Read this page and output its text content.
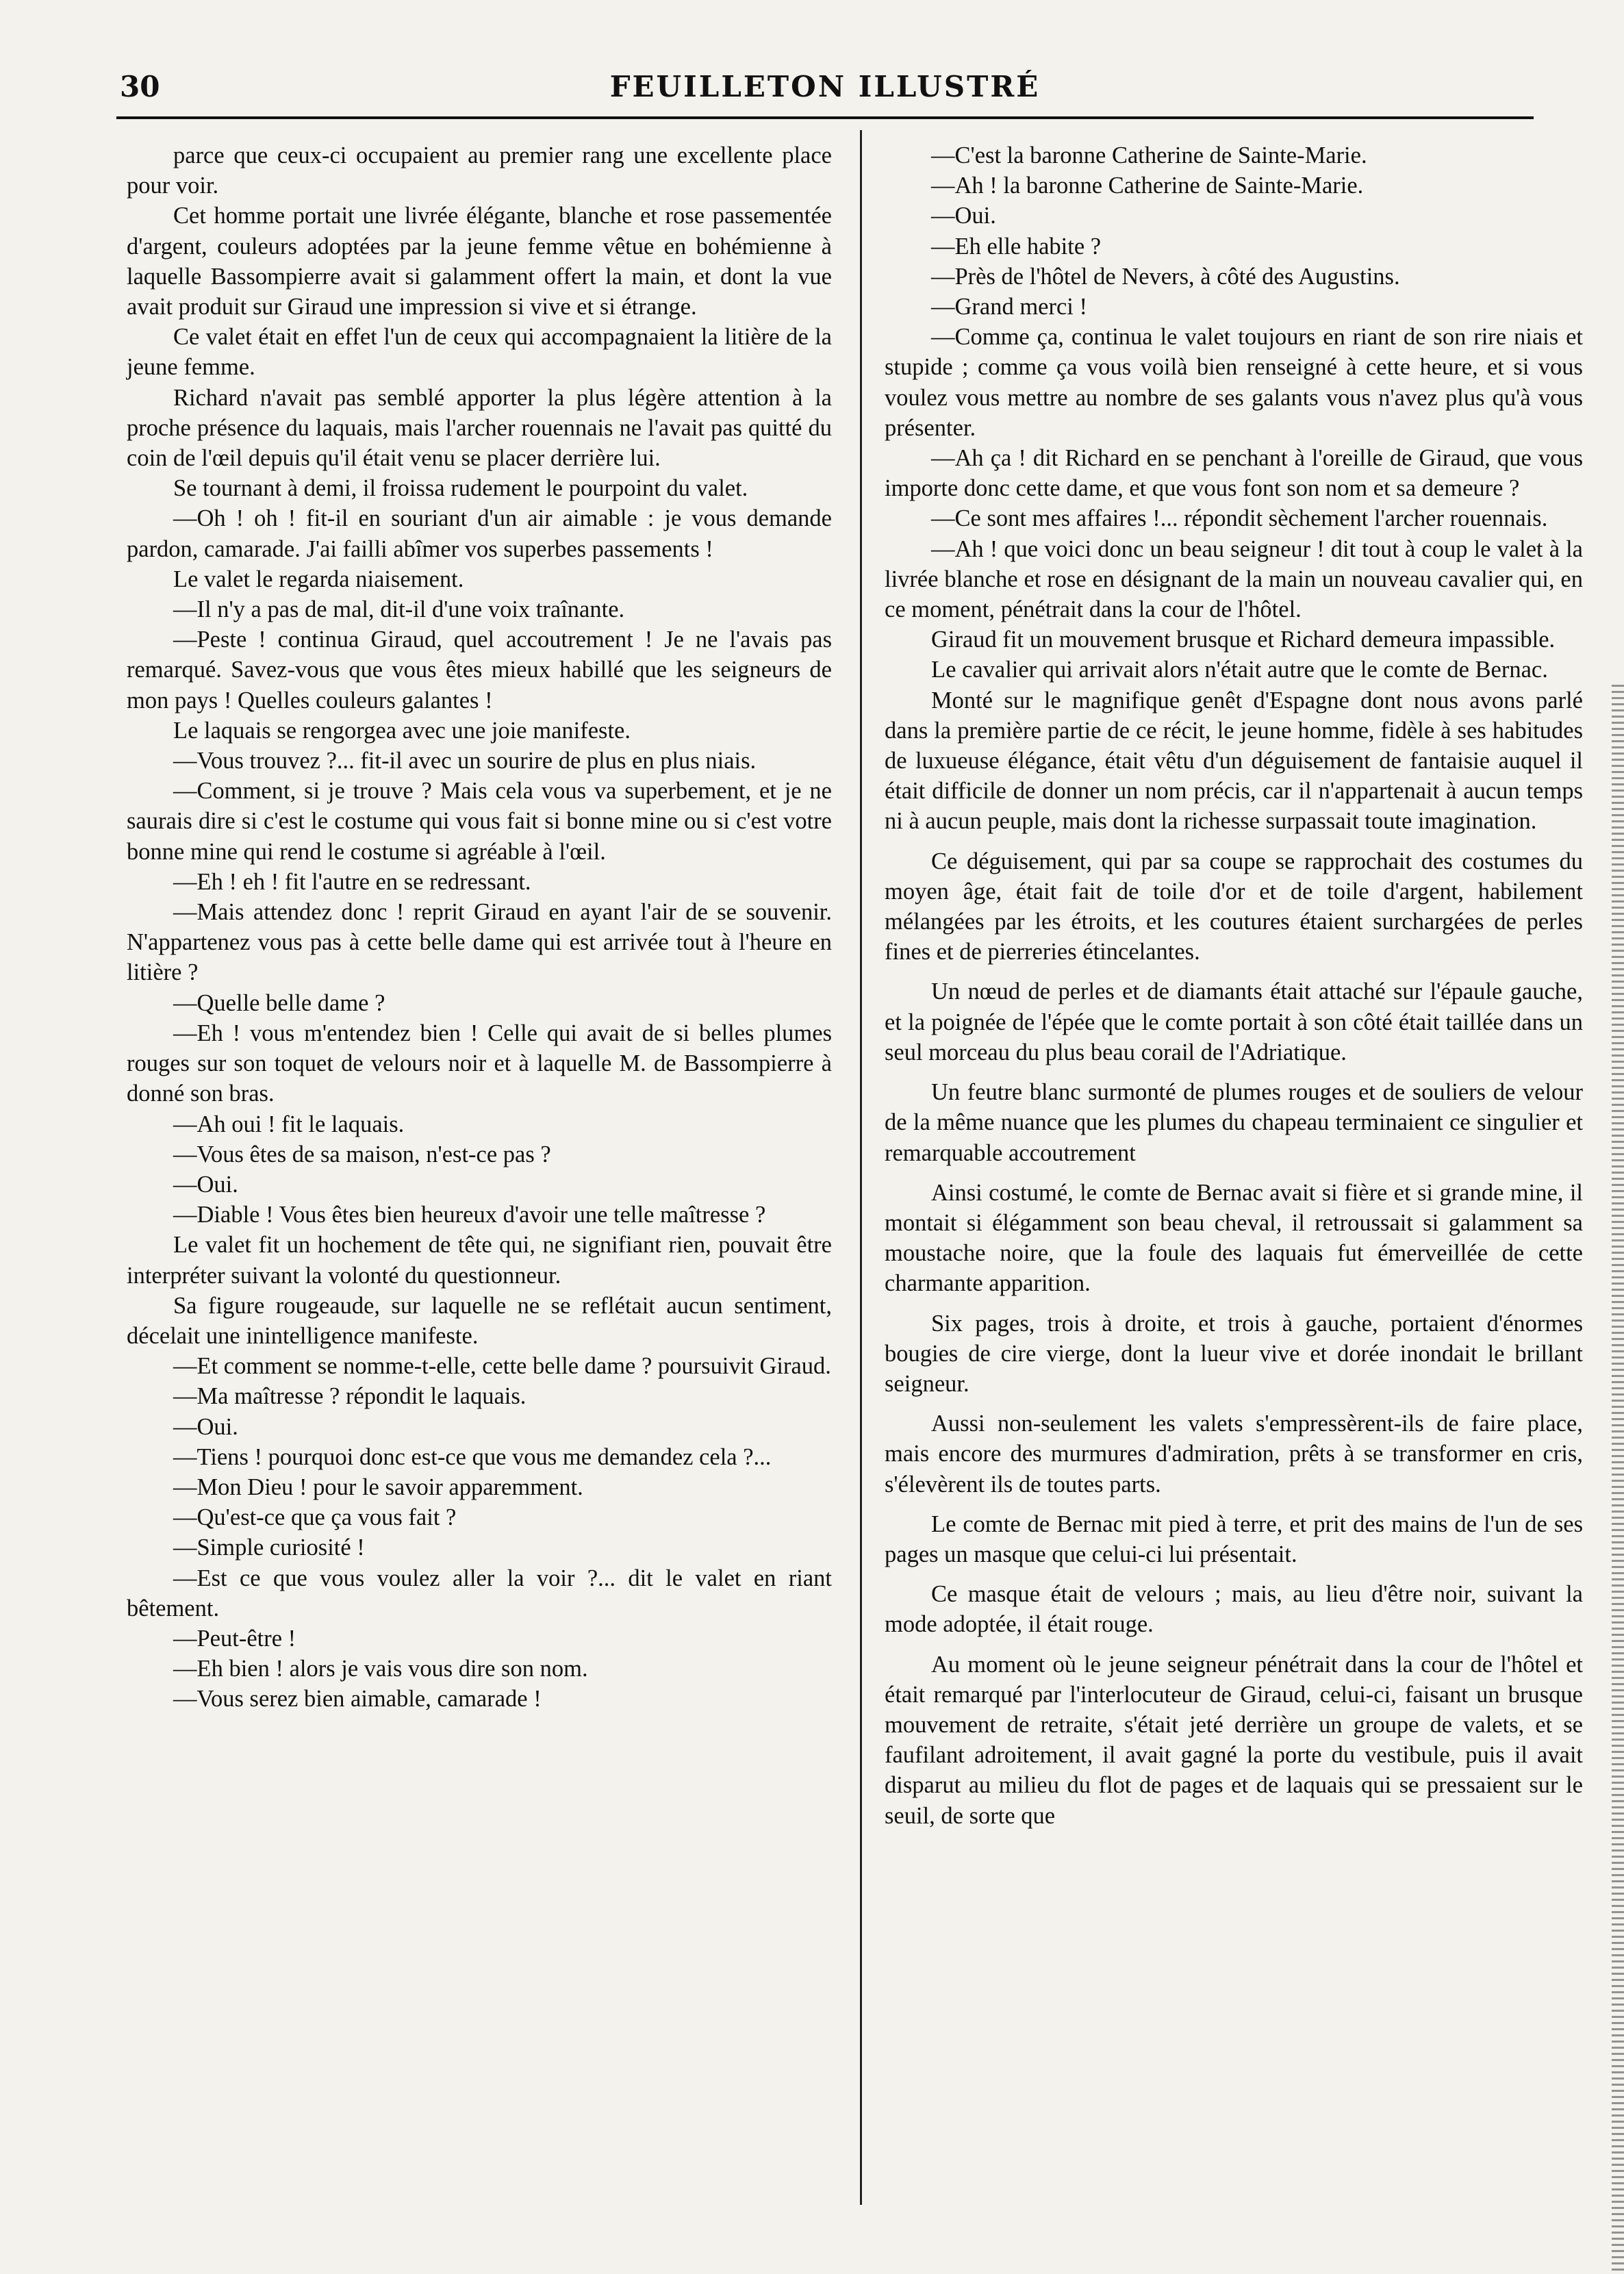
30	FEUILLETON ILLUSTRÉ

parce que ceux-ci occupaient au premier rang une excellente place pour voir.

Cet homme portait une livrée élégante, blanche et rose passementée d'argent, couleurs adoptées par la jeune femme vêtue en bohémienne à laquelle Bassompierre avait si galamment offert la main, et dont la vue avait produit sur Giraud une impression si vive et si étrange.

Ce valet était en effet l'un de ceux qui accompagnaient la litière de la jeune femme.

Richard n'avait pas semblé apporter la plus légère attention à la proche présence du laquais, mais l'archer rouennais ne l'avait pas quitté du coin de l'œil depuis qu'il était venu se placer derrière lui.

Se tournant à demi, il froissa rudement le pourpoint du valet.

—Oh ! oh ! fit-il en souriant d'un air aimable : je vous demande pardon, camarade. J'ai failli abîmer vos superbes passements !

Le valet le regarda niaisement.

—Il n'y a pas de mal, dit-il d'une voix traînante.

—Peste ! continua Giraud, quel accoutrement ! Je ne l'avais pas remarqué. Savez-vous que vous êtes mieux habillé que les seigneurs de mon pays ! Quelles couleurs galantes !

Le laquais se rengorgea avec une joie manifeste.

—Vous trouvez ?... fit-il avec un sourire de plus en plus niais.

—Comment, si je trouve ? Mais cela vous va superbement, et je ne saurais dire si c'est le costume qui vous fait si bonne mine ou si c'est votre bonne mine qui rend le costume si agréable à l'œil.

—Eh ! eh ! fit l'autre en se redressant.

—Mais attendez donc ! reprit Giraud en ayant l'air de se souvenir. N'appartenez vous pas à cette belle dame qui est arrivée tout à l'heure en litière ?

—Quelle belle dame ?

—Eh ! vous m'entendez bien ! Celle qui avait de si belles plumes rouges sur son toquet de velours noir et à laquelle M. de Bassompierre à donné son bras.

—Ah oui ! fit le laquais.

—Vous êtes de sa maison, n'est-ce pas ?

—Oui.

—Diable ! Vous êtes bien heureux d'avoir une telle maîtresse ?

Le valet fit un hochement de tête qui, ne signifiant rien, pouvait être interpréter suivant la volonté du questionneur.

Sa figure rougeaude, sur laquelle ne se reflétait aucun sentiment, décelait une inintelligence manifeste.

—Et comment se nomme-t-elle, cette belle dame ? poursuivit Giraud.

—Ma maîtresse ? répondit le laquais.

—Oui.

—Tiens ! pourquoi donc est-ce que vous me demandez cela ?...

—Mon Dieu ! pour le savoir apparemment.

—Qu'est-ce que ça vous fait ?

—Simple curiosité !

—Est ce que vous voulez aller la voir ?... dit le valet en riant bêtement.

—Peut-être !

—Eh bien ! alors je vais vous dire son nom.

—Vous serez bien aimable, camarade !

—C'est la baronne Catherine de Sainte-Marie.

—Ah ! la baronne Catherine de Sainte-Marie.

—Oui.

—Eh elle habite ?

—Près de l'hôtel de Nevers, à côté des Augustins.

—Grand merci !

—Comme ça, continua le valet toujours en riant de son rire niais et stupide ; comme ça vous voilà bien renseigné à cette heure, et si vous voulez vous mettre au nombre de ses galants vous n'avez plus qu'à vous présenter.

—Ah ça ! dit Richard en se penchant à l'oreille de Giraud, que vous importe donc cette dame, et que vous font son nom et sa demeure ?

—Ce sont mes affaires !... répondit sèchement l'archer rouennais.

—Ah ! que voici donc un beau seigneur ! dit tout à coup le valet à la livrée blanche et rose en désignant de la main un nouveau cavalier qui, en ce moment, pénétrait dans la cour de l'hôtel.

Giraud fit un mouvement brusque et Richard demeura impassible.

Le cavalier qui arrivait alors n'était autre que le comte de Bernac.

Monté sur le magnifique genêt d'Espagne dont nous avons parlé dans la première partie de ce récit, le jeune homme, fidèle à ses habitudes de luxueuse élégance, était vêtu d'un déguisement de fantaisie auquel il était difficile de donner un nom précis, car il n'appartenait à aucun temps ni à aucun peuple, mais dont la richesse surpassait toute imagination.

Ce déguisement, qui par sa coupe se rapprochait des costumes du moyen âge, était fait de toile d'or et de toile d'argent, habilement mélangées par les étroits, et les coutures étaient surchargées de perles fines et de pierreries étincelantes.

Un nœud de perles et de diamants était attaché sur l'épaule gauche, et la poignée de l'épée que le comte portait à son côté était taillée dans un seul morceau du plus beau corail de l'Adriatique.

Un feutre blanc surmonté de plumes rouges et de souliers de velour de la même nuance que les plumes du chapeau terminaient ce singulier et remarquable accoutrement

Ainsi costumé, le comte de Bernac avait si fière et si grande mine, il montait si élégamment son beau cheval, il retroussait si galamment sa moustache noire, que la foule des laquais fut émerveillée de cette charmante apparition.

Six pages, trois à droite, et trois à gauche, portaient d'énormes bougies de cire vierge, dont la lueur vive et dorée inondait le brillant seigneur.

Aussi non-seulement les valets s'empressèrent-ils de faire place, mais encore des murmures d'admiration, prêts à se transformer en cris, s'élevèrent ils de toutes parts.

Le comte de Bernac mit pied à terre, et prit des mains de l'un de ses pages un masque que celui-ci lui présentait.

Ce masque était de velours ; mais, au lieu d'être noir, suivant la mode adoptée, il était rouge.

Au moment où le jeune seigneur pénétrait dans la cour de l'hôtel et était remarqué par l'interlocuteur de Giraud, celui-ci, faisant un brusque mouvement de retraite, s'était jeté derrière un groupe de valets, et se faufilant adroitement, il avait gagné la porte du vestibule, puis il avait disparut au milieu du flot de pages et de laquais qui se pressaient sur le seuil, de sorte que
